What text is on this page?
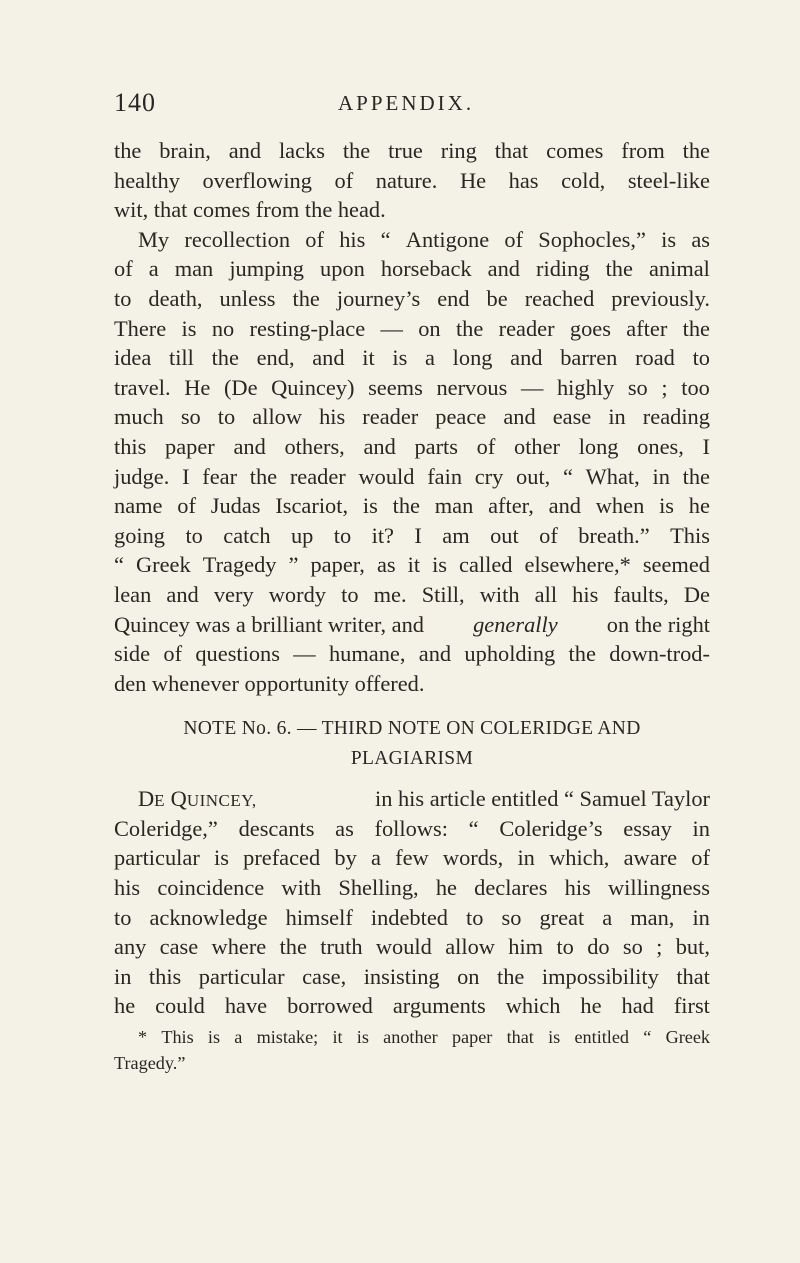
140	APPENDIX.
the brain, and lacks the true ring that comes from the
healthy overflowing of nature. He has cold, steel-like
wit, that comes from the head.
My recollection of his “ Antigone of Sophocles,” is as
of a man jumping upon horseback and riding the animal
to death, unless the journey’s end be reached previously.
There is no resting-place — on the reader goes after the
idea till the end, and it is a long and barren road to
travel. He (De Quincey) seems nervous — highly so ; too
much so to allow his reader peace and ease in reading
this paper and others, and parts of other long ones, I
judge. I fear the reader would fain cry out, “ What, in the
name of Judas Iscariot, is the man after, and when is he
going to catch up to it? I am out of breath.” This
“ Greek Tragedy ” paper, as it is called elsewhere,* seemed
lean and very wordy to me. Still, with all his faults, De
Quincey was a brilliant writer, and generally on the right
side of questions — humane, and upholding the down-trod-
den whenever opportunity offered.
NOTE No. 6. — THIRD NOTE ON COLERIDGE AND
PLAGIARISM
DE QUINCEY,	in his article entitled “ Samuel Taylor
Coleridge,” descants as follows: “ Coleridge’s essay in
particular is prefaced by a few words, in which, aware of
his coincidence with Shelling, he declares his willingness
to acknowledge himself indebted to so great a man, in
any case where the truth would allow him to do so ; but,
in this particular case, insisting on the impossibility that
he could have borrowed arguments which he had first
* This is a mistake; it is another paper that is entitled “ Greek
Tragedy.”
